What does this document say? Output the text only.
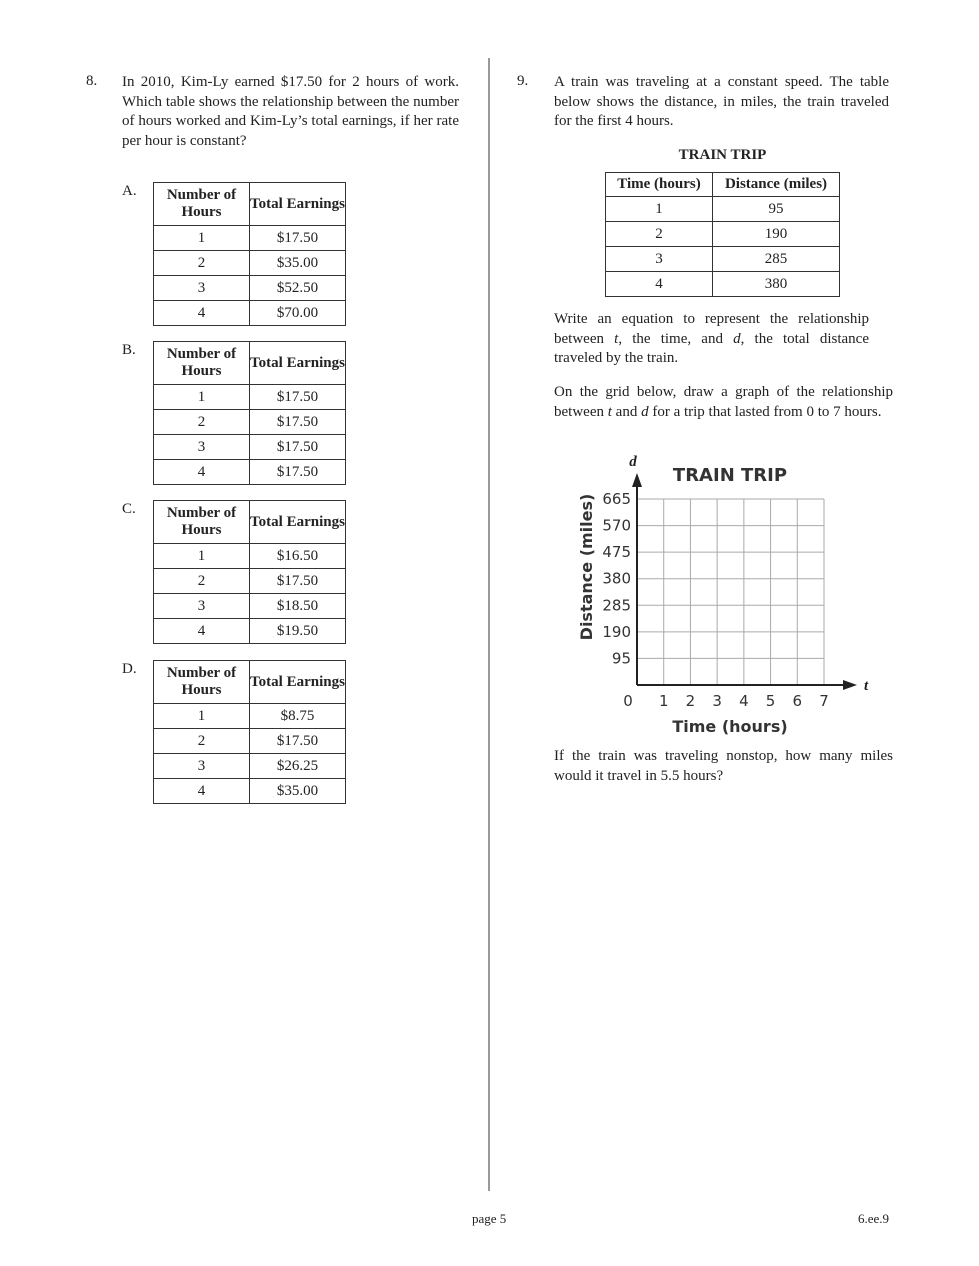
8. In 2010, Kim-Ly earned $17.50 for 2 hours of work. Which table shows the relationship between the number of hours worked and Kim-Ly’s total earnings, if her rate per hour is constant?
A. Number of Hours	Total Earnings
1	$17.50
2	$35.00
3	$52.50
4	$70.00
B. Number of Hours	Total Earnings
1	$17.50
2	$17.50
3	$17.50
4	$17.50
C. Number of Hours	Total Earnings
1	$16.50
2	$17.50
3	$18.50
4	$19.50
D. Number of Hours	Total Earnings
1	$8.75
2	$17.50
3	$26.25
4	$35.00
9. A train was traveling at a constant speed. The table below shows the distance, in miles, the train traveled for the first 4 hours.
TRAIN TRIP
Time (hours)	Distance (miles)
1	95
2	190
3	285
4	380
Write an equation to represent the relationship between t, the time, and d, the total distance traveled by the train.
On the grid below, draw a graph of the relationship between t and d for a trip that lasted from 0 to 7 hours.
1 2 3 4 5 6 7
95
190
285
380
475
570
665
0
t
d
TRAIN TRIP
Time (hours)
Distance (miles)
If the train was traveling nonstop, how many miles would it travel in 5.5 hours?
page 5	6.ee.9
